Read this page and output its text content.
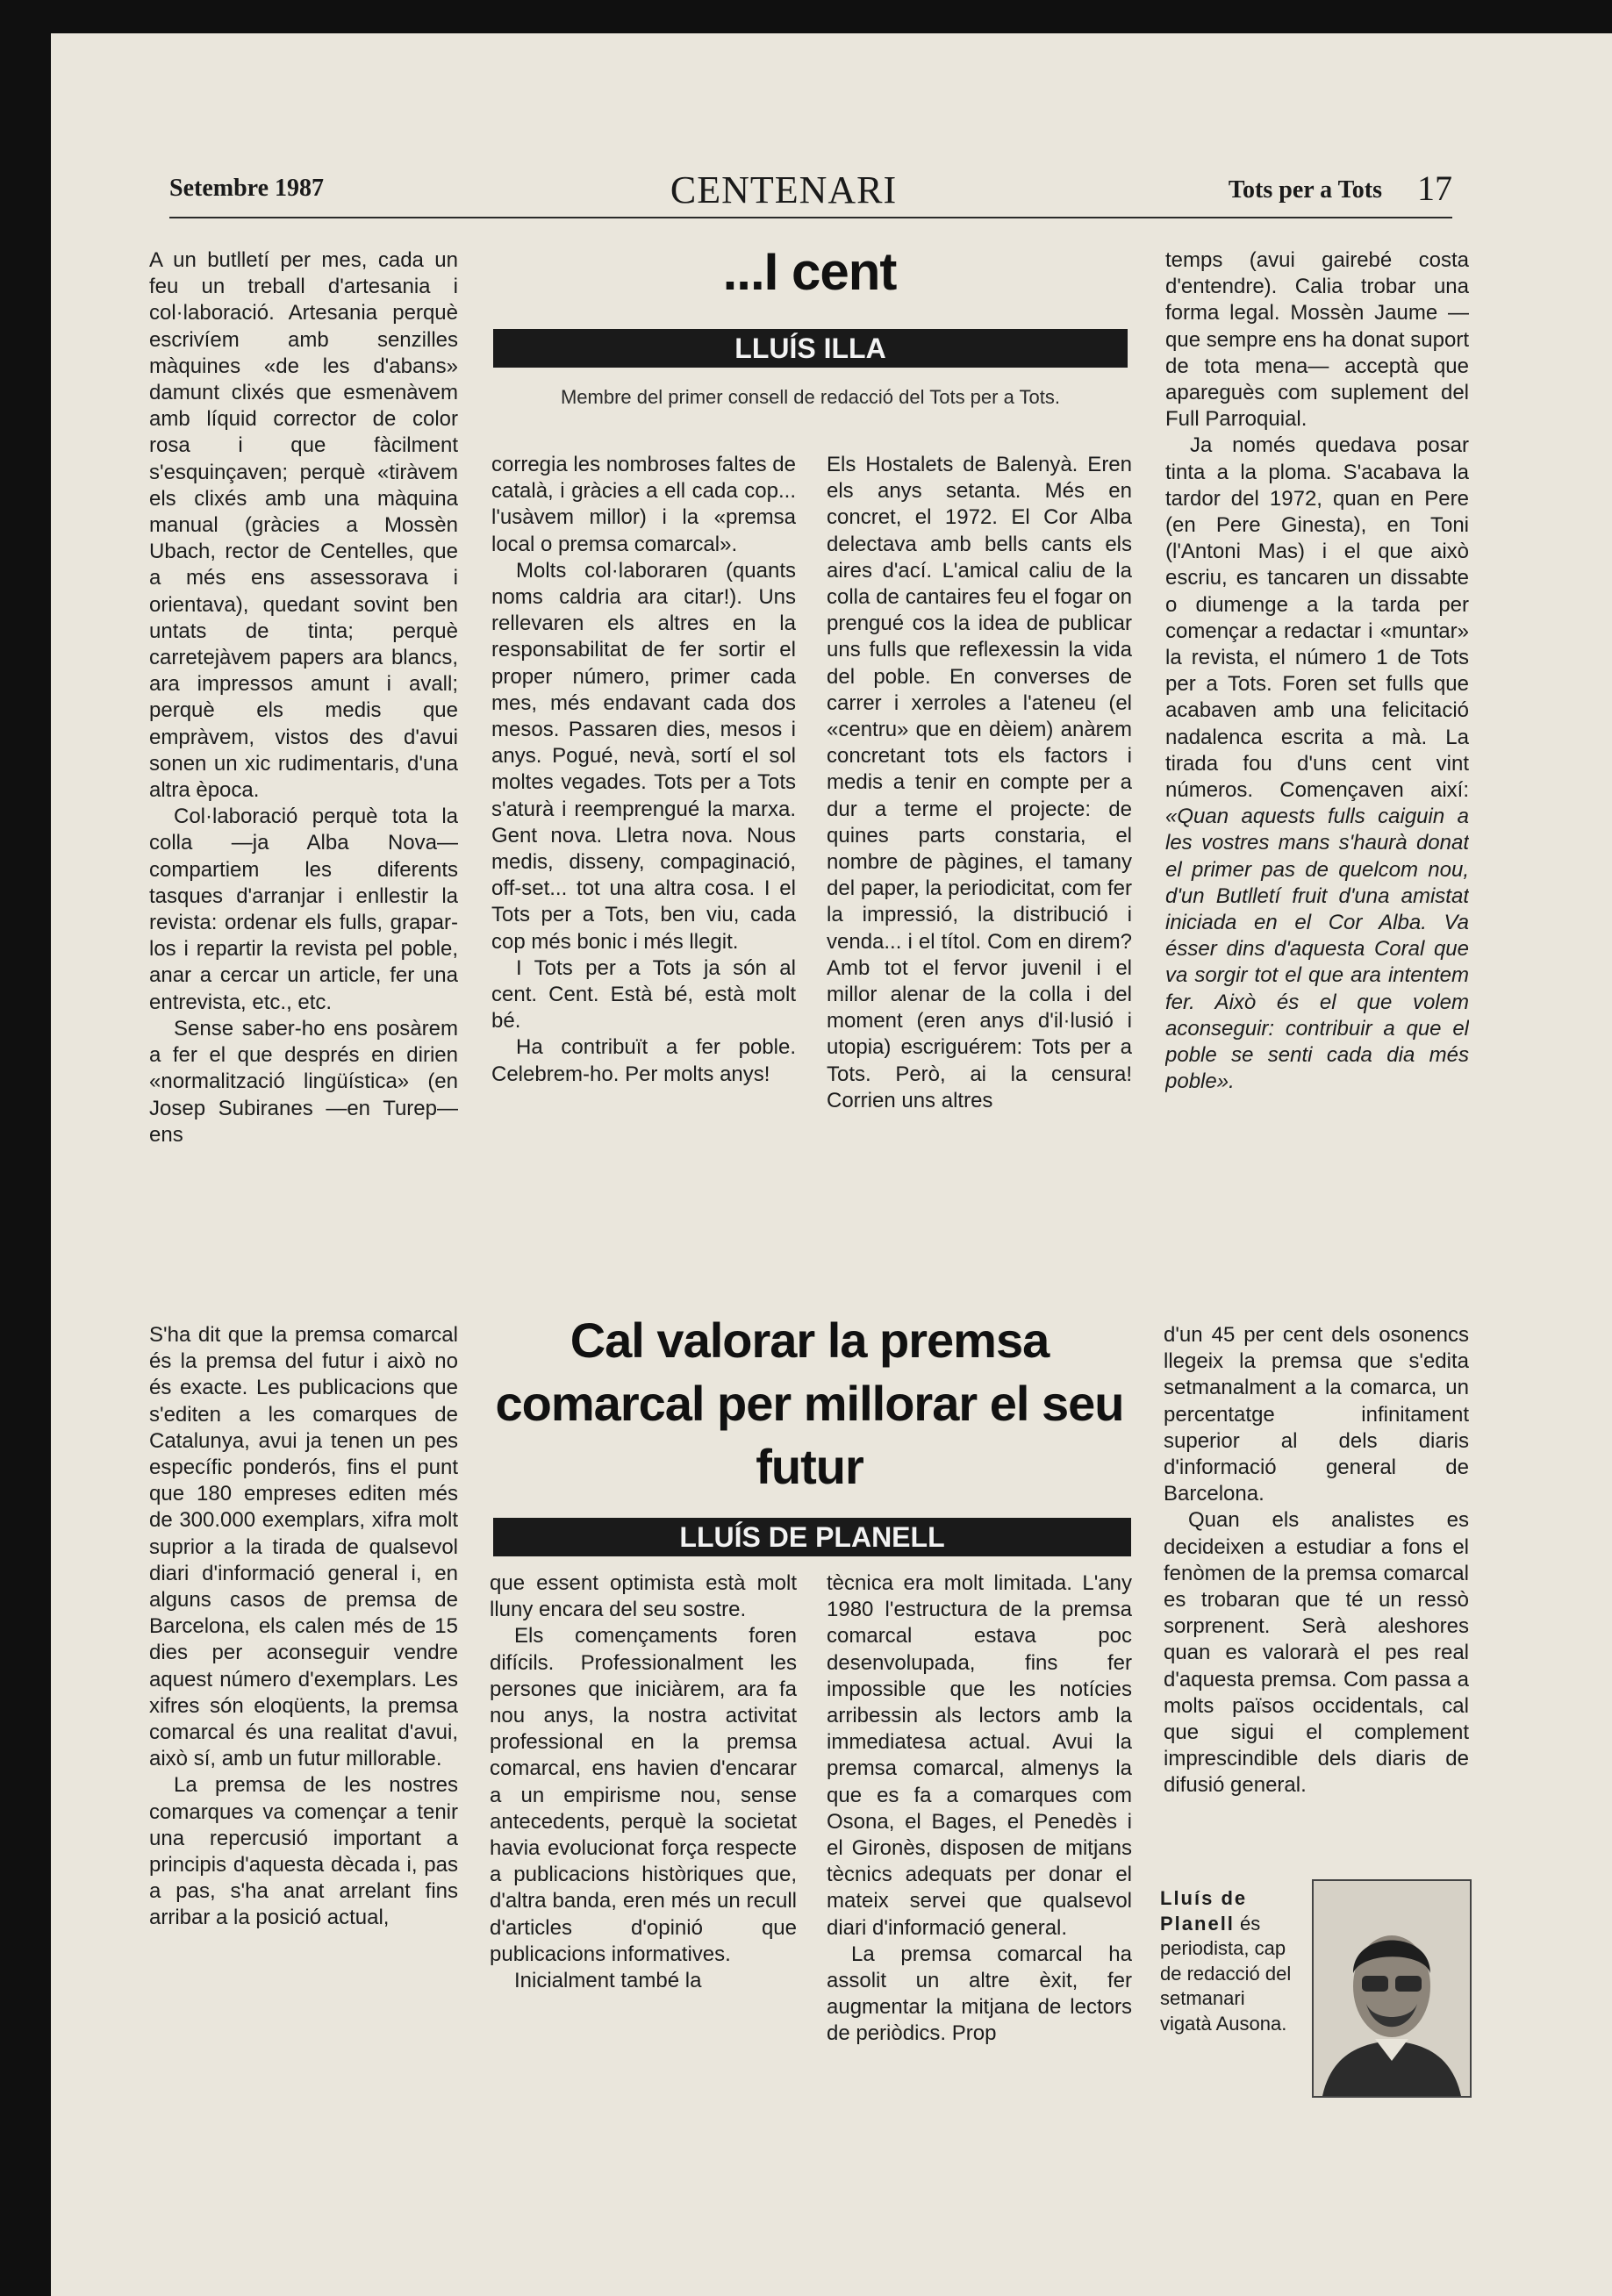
Setembre 1987	CENTENARI	Tots per a Tots 17
...I cent
LLUÍS ILLA
Membre del primer consell de redacció del Tots per a Tots.

A un butlletí per mes, cada un feu un treball d'artesania i col·laboració. Artesania perquè escrivíem amb senzilles màquines «de les d'abans» damunt clixés que esmenàvem amb líquid corrector de color rosa i que fàcilment s'esquinçaven; perquè «tiràvem els clixés amb una màquina manual (gràcies a Mossèn Ubach, rector de Centelles, que a més ens assessorava i orientava), quedant sovint ben untats de tinta; perquè carretejàvem papers ara blancs, ara impressos amunt i avall; perquè els medis que empràvem, vistos des d'avui sonen un xic rudimentaris, d'una altra època.

Col·laboració perquè tota la colla —ja Alba Nova— compartiem les diferents tasques d'arranjar i enllestir la revista: ordenar els fulls, grapar-los i repartir la revista pel poble, anar a cercar un article, fer una entrevista, etc., etc.

Sense saber-ho ens posàrem a fer el que després en dirien «normalització lingüística» (en Josep Subiranes —en Turep— ens

corregia les nombroses faltes de català, i gràcies a ell cada cop... l'usàvem millor) i la «premsa local o premsa comarcal».

Molts col·laboraren (quants noms caldria ara citar!). Uns rellevaren els altres en la responsabilitat de fer sortir el proper número, primer cada mes, més endavant cada dos mesos. Passaren dies, mesos i anys. Pogué, nevà, sortí el sol moltes vegades. Tots per a Tots s'aturà i reemprengué la marxa. Gent nova. Lletra nova. Nous medis, disseny, compaginació, off-set... tot una altra cosa. I el Tots per a Tots, ben viu, cada cop més bonic i més llegit.

I Tots per a Tots ja són al cent. Cent. Està bé, està molt bé.

Ha contribuït a fer poble. Celebrem-ho. Per molts anys!

Els Hostalets de Balenyà. Eren els anys setanta. Més en concret, el 1972. El Cor Alba delectava amb bells cants els aires d'ací. L'amical caliu de la colla de cantaires feu el fogar on prengué cos la idea de publicar uns fulls que reflexessin la vida del poble. En converses de carrer i xerroles a l'ateneu (el «centru» que en dèiem) anàrem concretant tots els factors i medis a tenir en compte per a dur a terme el projecte: de quines parts constaria, el nombre de pàgines, el tamany del paper, la periodicitat, com fer la impressió, la distribució i venda... i el títol. Com en direm? Amb tot el fervor juvenil i el millor alenar de la colla i del moment (eren anys d'il·lusió i utopia) escriguérem: Tots per a Tots. Però, ai la censura! Corrien uns altres

temps (avui gairebé costa d'entendre). Calia trobar una forma legal. Mossèn Jaume —que sempre ens ha donat suport de tota mena— acceptà que apareguès com suplement del Full Parroquial.

Ja només quedava posar tinta a la ploma. S'acabava la tardor del 1972, quan en Pere (en Pere Ginesta), en Toni (l'Antoni Mas) i el que això escriu, es tancaren un dissabte o diumenge a la tarda per començar a redactar i «muntar» la revista, el número 1 de Tots per a Tots. Foren set fulls que acabaven amb una felicitació nadalenca escrita a mà. La tirada fou d'uns cent vint números. Començaven així: «Quan aquests fulls caiguin a les vostres mans s'haurà donat el primer pas de quelcom nou, d'un Butlletí fruit d'una amistat iniciada en el Cor Alba. Va ésser dins d'aquesta Coral que va sorgir tot el que ara intentem fer. Això és el que volem aconseguir: contribuir a que el poble se senti cada dia més poble».

Cal valorar la premsa comarcal per millorar el seu futur
LLUÍS DE PLANELL

S'ha dit que la premsa comarcal és la premsa del futur i això no és exacte. Les publicacions que s'editen a les comarques de Catalunya, avui ja tenen un pes específic ponderós, fins el punt que 180 empreses editen més de 300.000 exemplars, xifra molt suprior a la tirada de qualsevol diari d'informació general i, en alguns casos de premsa de Barcelona, els calen més de 15 dies per aconseguir vendre aquest número d'exemplars. Les xifres són eloqüents, la premsa comarcal és una realitat d'avui, això sí, amb un futur millorable.

La premsa de les nostres comarques va començar a tenir una repercusió important a principis d'aquesta dècada i, pas a pas, s'ha anat arrelant fins arribar a la posició actual,

que essent optimista està molt lluny encara del seu sostre.

Els començaments foren difícils. Professionalment les persones que iniciàrem, ara fa nou anys, la nostra activitat professional en la premsa comarcal, ens havien d'encarar a un empirisme nou, sense antecedents, perquè la societat havia evolucionat força respecte a publicacions històriques que, d'altra banda, eren més un recull d'articles d'opinió que publicacions informatives.

Inicialment també la

tècnica era molt limitada. L'any 1980 l'estructura de la premsa comarcal estava poc desenvolupada, fins fer impossible que les notícies arribessin als lectors amb la immediatesa actual. Avui la premsa comarcal, almenys la que es fa a comarques com Osona, el Bages, el Penedès i el Gironès, disposen de mitjans tècnics adequats per donar el mateix servei que qualsevol diari d'informació general.

La premsa comarcal ha assolit un altre èxit, fer augmentar la mitjana de lectors de periòdics. Prop

d'un 45 per cent dels osonencs llegeix la premsa que s'edita setmanalment a la comarca, un percentatge infinitament superior al dels diaris d'informació general de Barcelona.

Quan els analistes es decideixen a estudiar a fons el fenòmen de la premsa comarcal es trobaran que té un ressò sorprenent. Serà aleshores quan es valorarà el pes real d'aquesta premsa. Com passa a molts països occidentals, cal que sigui el complement imprescindible dels diaris de difusió general.

Lluís de Planell és periodista, cap de redacció del setmanari vigatà Ausona.
